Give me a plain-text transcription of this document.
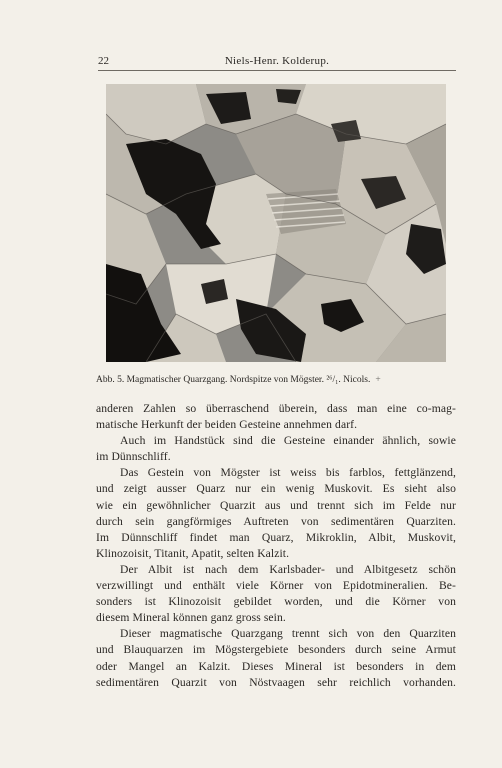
22	Niels-Henr. Kolderup.
Abb. 5. Magmatischer Quarzgang. Nordspitze von Mögster. ²⁶/₁. Nicols. +
anderen Zahlen so überraschend überein, dass man eine co-mag-
matische Herkunft der beiden Gesteine annehmen darf.
Auch im Handstück sind die Gesteine einander ähnlich, sowie
im Dünnschliff.
Das Gestein von Mögster ist weiss bis farblos, fettglänzend,
und zeigt ausser Quarz nur ein wenig Muskovit. Es sieht also
wie ein gewöhnlicher Quarzit aus und trennt sich im Felde nur
durch sein gangförmiges Auftreten von sedimentären Quarziten.
Im Dünnschliff findet man Quarz, Mikroklin, Albit, Muskovit,
Klinozoisit, Titanit, Apatit, selten Kalzit.
Der Albit ist nach dem Karlsbader- und Albitgesetz schön
verzwillingt und enthält viele Körner von Epidotmineralien. Be-
sonders ist Klinozoisit gebildet worden, und die Körner von
diesem Mineral können ganz gross sein.
Dieser magmatische Quarzgang trennt sich von den Quarziten
und Blauquarzen im Mögstergebiete besonders durch seine Armut
oder Mangel an Kalzit. Dieses Mineral ist besonders in dem
sedimentären Quarzit von Nöstvaagen sehr reichlich vorhanden.
